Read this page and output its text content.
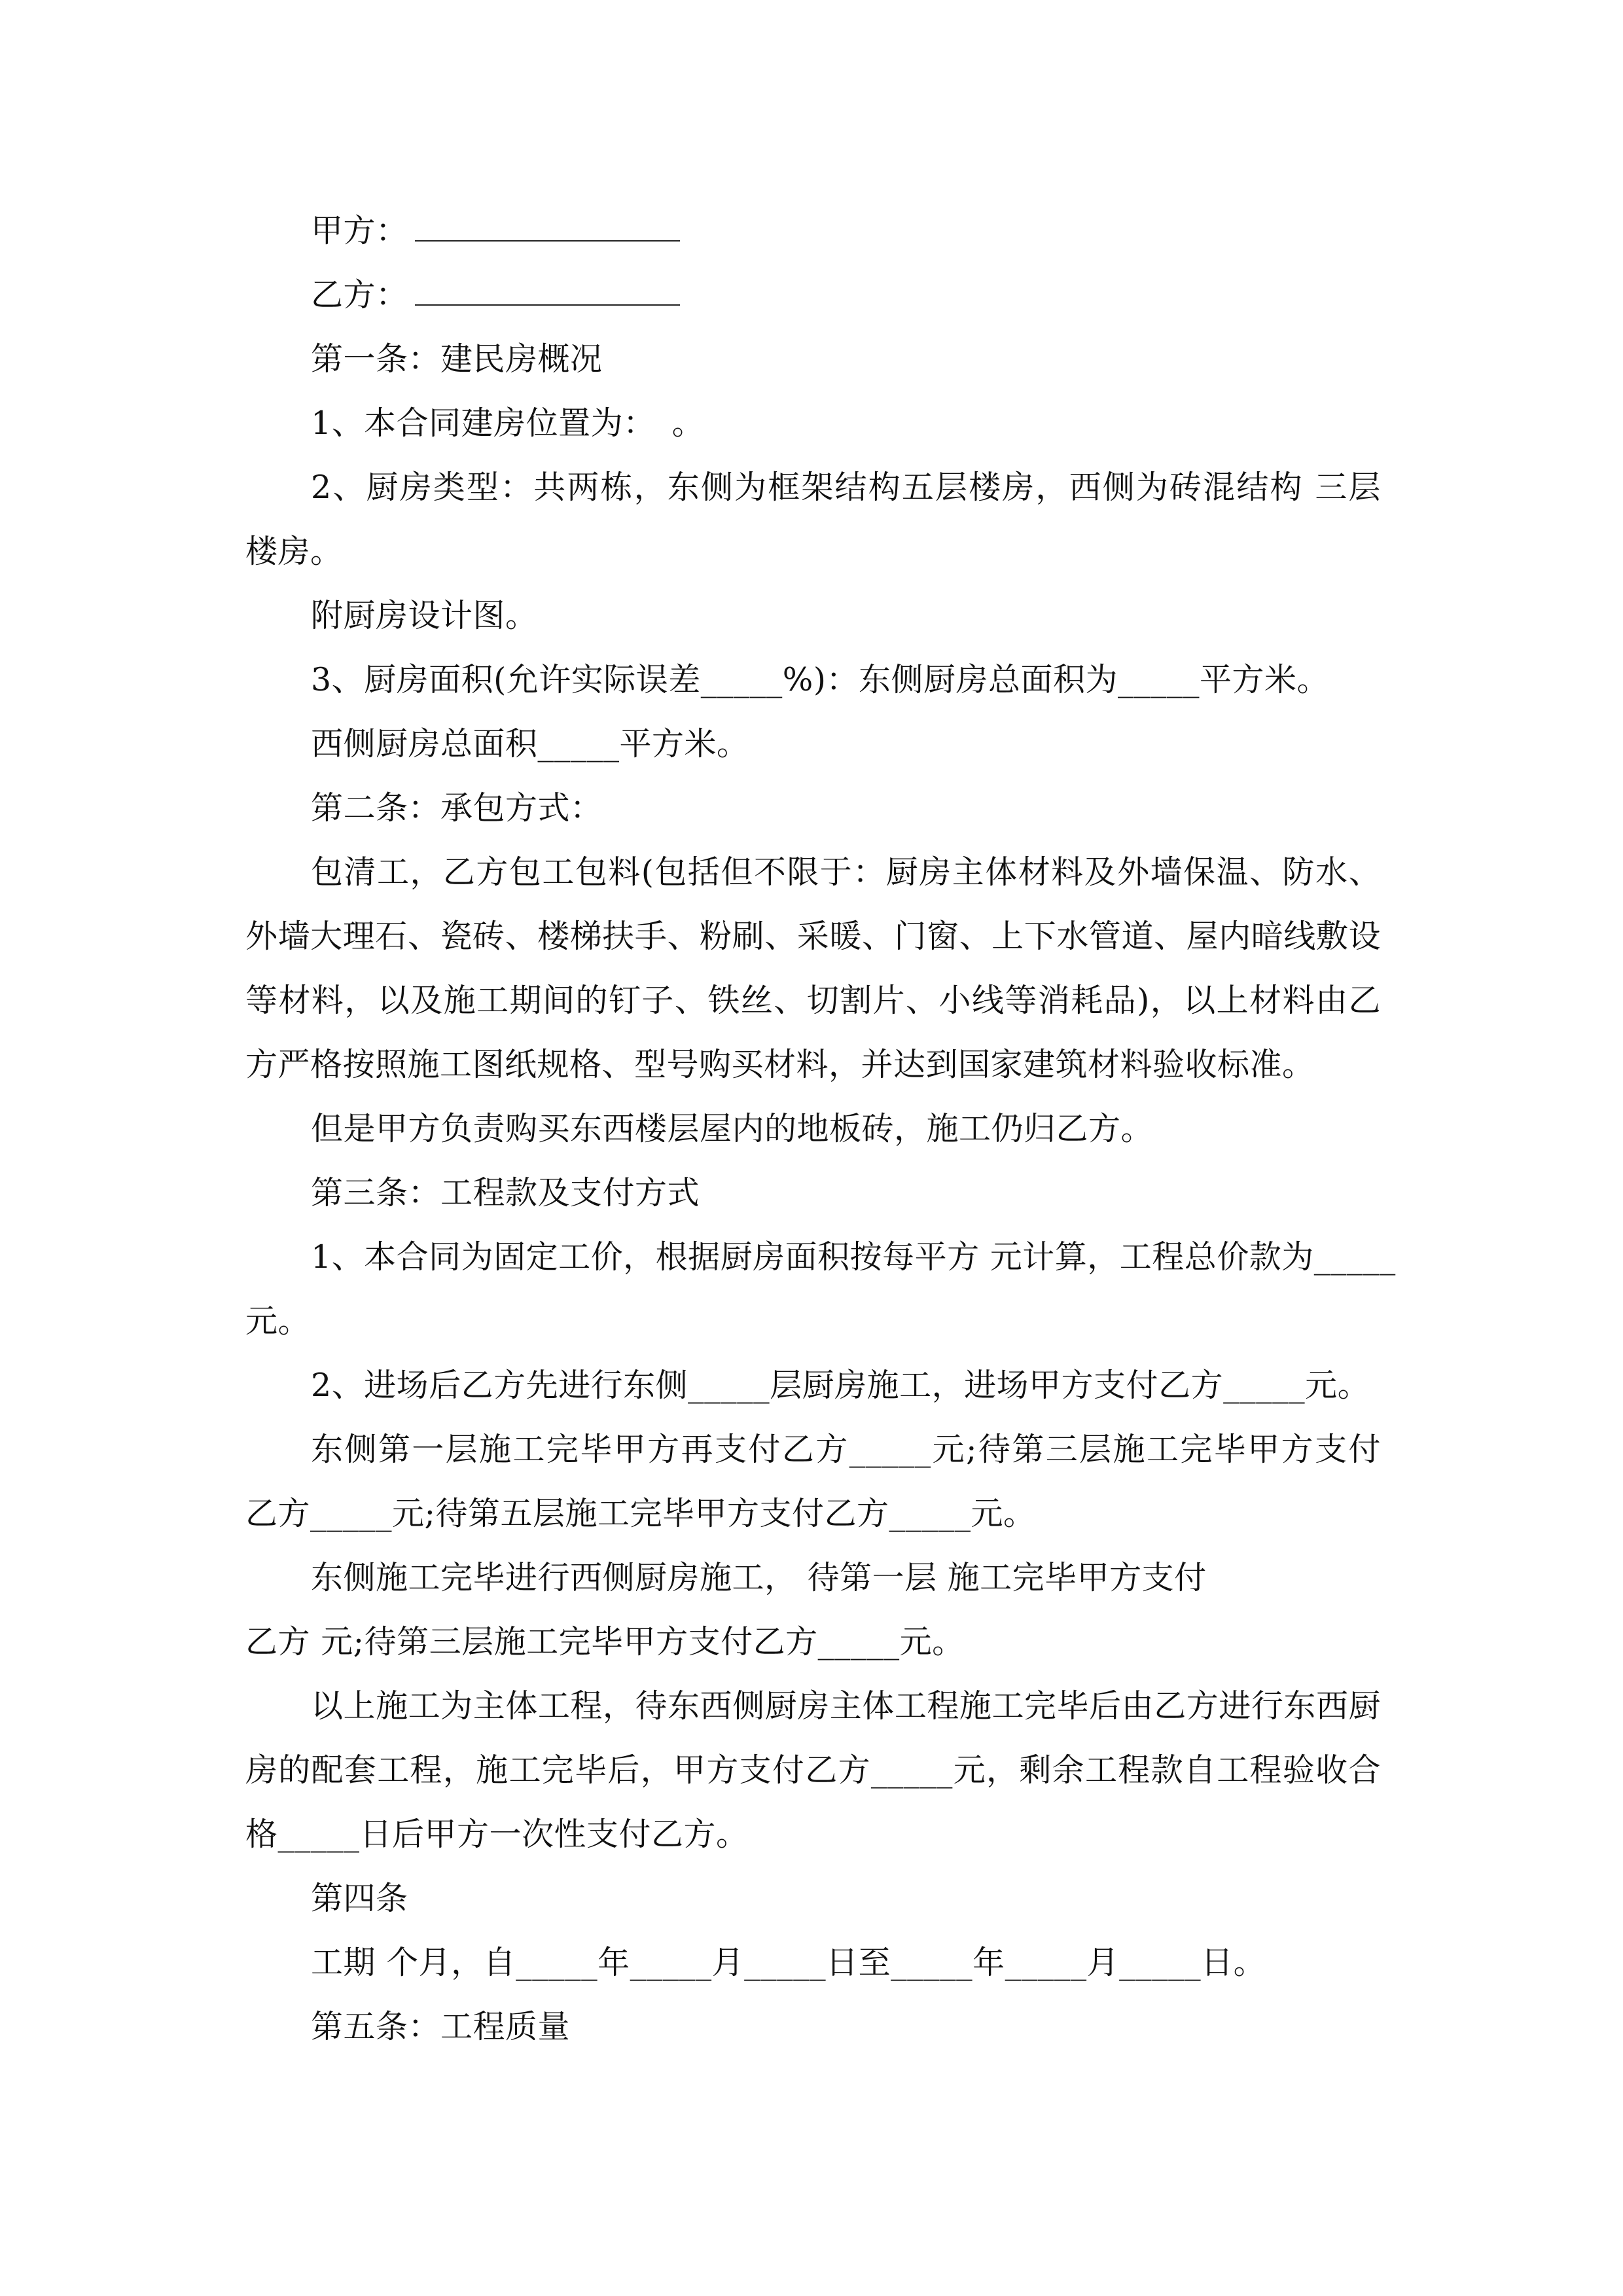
甲方：
乙方：
第一条：建民房概况
1、本合同建房位置为：　。
2、厨房类型：共两栋，东侧为框架结构五层楼房，西侧为砖混结构 三层
楼房。
附厨房设计图。
3、厨房面积(允许实际误差_____%)：东侧厨房总面积为_____平方米。
西侧厨房总面积_____平方米。
第二条：承包方式：
包清工，乙方包工包料(包括但不限于：厨房主体材料及外墙保温、防水、
外墙大理石、瓷砖、楼梯扶手、粉刷、采暖、门窗、上下水管道、屋内暗线敷设
等材料，以及施工期间的钉子、铁丝、切割片、小线等消耗品)，以上材料由乙
方严格按照施工图纸规格、型号购买材料，并达到国家建筑材料验收标准。
但是甲方负责购买东西楼层屋内的地板砖，施工仍归乙方。
第三条：工程款及支付方式
1、本合同为固定工价，根据厨房面积按每平方 元计算，工程总价款为_____
元。
2、进场后乙方先进行东侧_____层厨房施工，进场甲方支付乙方_____元。
东侧第一层施工完毕甲方再支付乙方_____元;待第三层施工完毕甲方支付
乙方_____元;待第五层施工完毕甲方支付乙方_____元。
东侧施工完毕进行西侧厨房施工， 待第一层 施工完毕甲方支付
乙方 元;待第三层施工完毕甲方支付乙方_____元。
以上施工为主体工程，待东西侧厨房主体工程施工完毕后由乙方进行东西厨
房的配套工程，施工完毕后，甲方支付乙方_____元，剩余工程款自工程验收合
格_____日后甲方一次性支付乙方。
第四条
工期 个月，自_____年_____月_____日至_____年_____月_____日。
第五条：工程质量
